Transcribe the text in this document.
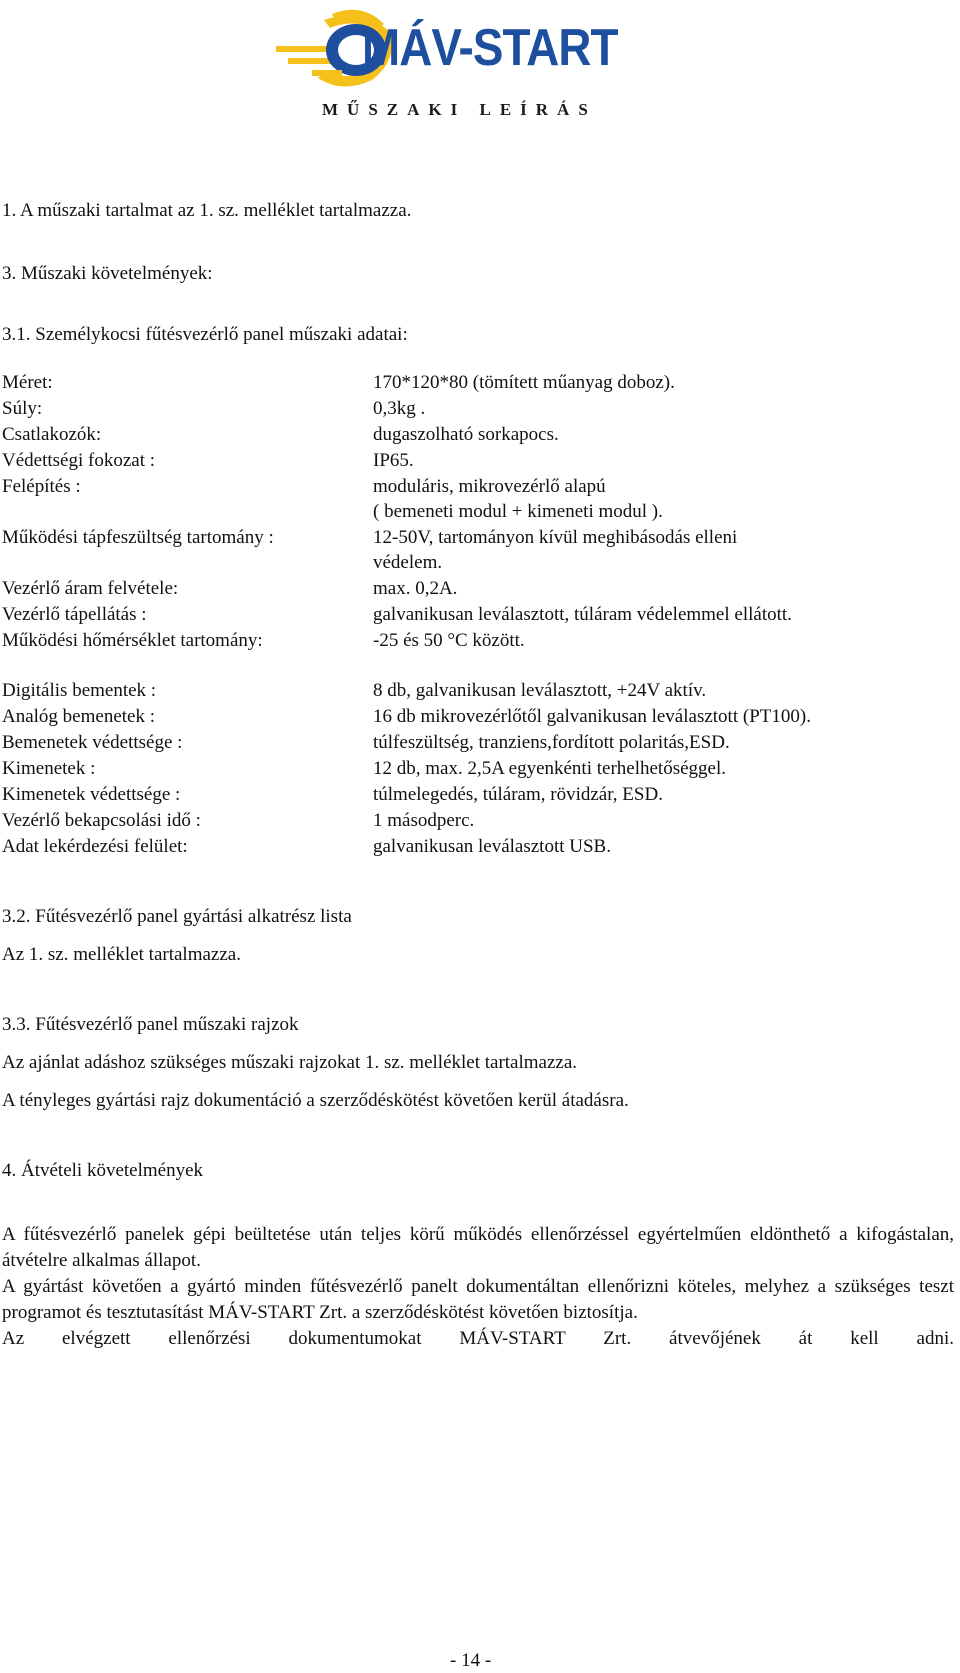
MÁV-START
MŰSZAKI LEÍRÁS
1. A műszaki tartalmat az 1. sz. melléklet tartalmazza.
3. Műszaki követelmények:
3.1. Személykocsi fűtésvezérlő panel műszaki adatai:
Méret:	170*120*80 (tömített műanyag doboz).
Súly:	0,3kg .
Csatlakozók:	dugaszolható sorkapocs.
Védettségi fokozat :	IP65.
Felépítés :	moduláris, mikrovezérlő alapú
( bemeneti modul + kimeneti modul ).
Működési tápfeszültség tartomány :	12-50V, tartományon kívül meghibásodás elleni
védelem.
Vezérlő áram felvétele:	max. 0,2A.
Vezérlő tápellátás :	galvanikusan leválasztott, túláram védelemmel ellátott.
Működési hőmérséklet tartomány:	-25 és 50 °C között.
Digitális bementek :	8 db, galvanikusan leválasztott, +24V aktív.
Analóg bemenetek :	16 db mikrovezérlőtől galvanikusan leválasztott (PT100).
Bemenetek védettsége :	túlfeszültség, tranziens,fordított polaritás,ESD.
Kimenetek :	12 db, max. 2,5A egyenkénti terhelhetőséggel.
Kimenetek védettsége :	túlmelegedés, túláram, rövidzár, ESD.
Vezérlő bekapcsolási idő :	1 másodperc.
Adat lekérdezési felület:	galvanikusan leválasztott USB.
3.2. Fűtésvezérlő panel gyártási alkatrész lista
Az 1. sz. melléklet tartalmazza.
3.3. Fűtésvezérlő panel műszaki rajzok
Az ajánlat adáshoz szükséges műszaki rajzokat 1. sz. melléklet tartalmazza.
A tényleges gyártási rajz dokumentáció a szerződéskötést követően kerül átadásra.
4. Átvételi követelmények
A fűtésvezérlő panelek gépi beültetése után teljes körű működés ellenőrzéssel egyértelműen eldönthető a kifogástalan, átvételre alkalmas állapot.
A gyártást követően a gyártó minden fűtésvezérlő panelt dokumentáltan ellenőrizni köteles, melyhez a szükséges teszt programot és tesztutasítást MÁV-START Zrt. a szerződéskötést követően biztosítja.
Az elvégzett ellenőrzési dokumentumokat MÁV-START Zrt. átvevőjének át kell adni.
- 14 -
